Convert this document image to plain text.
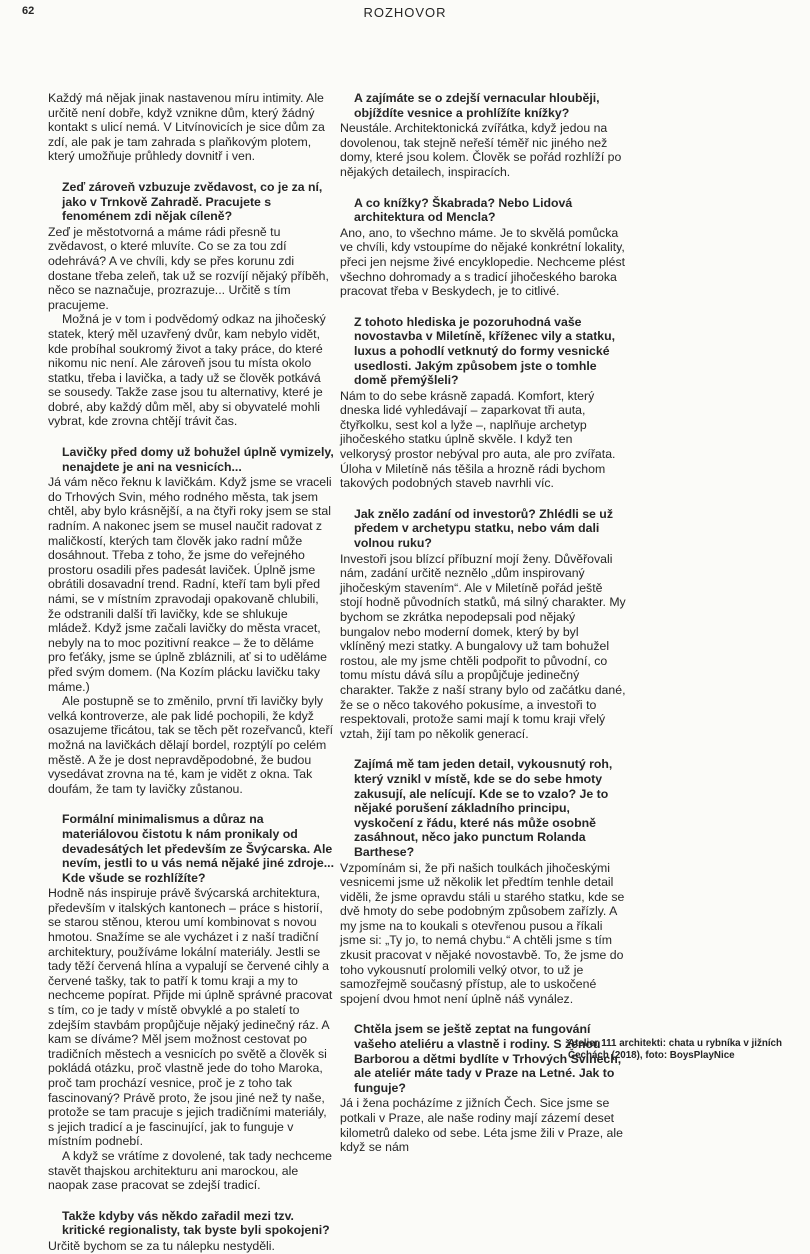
62	ROZHOVOR

Každý má nějak jinak nastavenou míru intimity. Ale určitě není dobře, když vznikne dům, který žádný kontakt s ulicí nemá. V Litvínovicích je sice dům za zdí, ale pak je tam zahrada s plaňkovým plotem, který umožňuje průhledy dovnitř i ven.

Zeď zároveň vzbuzuje zvědavost, co je za ní, jako v Trnkově Zahradě. Pracujete s fenoménem zdi nějak cíleně?

Zeď je městotvorná a máme rádi přesně tu zvědavost, o které mluvíte. Co se za tou zdí odehrává? A ve chvíli, kdy se přes korunu zdi dostane třeba zeleň, tak už se rozvíjí nějaký příběh, něco se naznačuje, prozrazuje... Určitě s tím pracujeme.

Možná je v tom i podvědomý odkaz na jihočeský statek, který měl uzavřený dvůr, kam nebylo vidět, kde probíhal soukromý život a taky práce, do které nikomu nic není. Ale zároveň jsou tu místa okolo statku, třeba i lavička, a tady už se člověk potkává se sousedy. Takže zase jsou tu alternativy, které je dobré, aby každý dům měl, aby si obyvatelé mohli vybrat, kde zrovna chtějí trávit čas.

Lavičky před domy už bohužel úplně vymizely, nenajdete je ani na vesnicích...

Já vám něco řeknu k lavičkám. Když jsme se vraceli do Trhových Svin, mého rodného města, tak jsem chtěl, aby bylo krásnější, a na čtyři roky jsem se stal radním. A nakonec jsem se musel naučit radovat z maličkostí, kterých tam člověk jako radní může dosáhnout. Třeba z toho, že jsme do veřejného prostoru osadili přes padesát laviček. Úplně jsme obrátili dosavadní trend. Radní, kteří tam byli před námi, se v místním zpravodaji opakovaně chlubili, že odstranili další tři lavičky, kde se shlukuje mládež. Když jsme začali lavičky do města vracet, nebyly na to moc pozitivní reakce – že to děláme pro feťáky, jsme se úplně zbláznili, ať si to uděláme před svým domem. (Na Kozím plácku lavičku taky máme.)

Ale postupně se to změnilo, první tři lavičky byly velká kontroverze, ale pak lidé pochopili, že když osazujeme třicátou, tak se těch pět rozeřvanců, kteří možná na lavičkách dělají bordel, rozptýlí po celém městě. A že je dost nepravděpodobné, že budou vysedávat zrovna na té, kam je vidět z okna. Tak doufám, že tam ty lavičky zůstanou.

Formální minimalismus a důraz na materiálovou čistotu k nám pronikaly od devadesátých let především ze Švýcarska. Ale nevím, jestli to u vás nemá nějaké jiné zdroje... Kde všude se rozhlížíte?

Hodně nás inspiruje právě švýcarská architektura, především v italských kantonech – práce s historií, se starou stěnou, kterou umí kombinovat s novou hmotou. Snažíme se ale vycházet i z naší tradiční architektury, používáme lokální materiály. Jestli se tady těží červená hlína a vypalují se červené cihly a červené tašky, tak to patří k tomu kraji a my to nechceme popírat. Přijde mi úplně správné pracovat s tím, co je tady v místě obvyklé a po staletí to zdejším stavbám propůjčuje nějaký jedinečný ráz. A kam se díváme? Měl jsem možnost cestovat po tradičních městech a vesnicích po světě a člověk si pokládá otázku, proč vlastně jede do toho Maroka, proč tam prochází vesnice, proč je z toho tak fascinovaný? Právě proto, že jsou jiné než ty naše, protože se tam pracuje s jejich tradičními materiály, s jejich tradicí a je fascinující, jak to funguje v místním podnebí.

A když se vrátíme z dovolené, tak tady nechceme stavět thajskou architekturu ani marockou, ale naopak zase pracovat se zdejší tradicí.

Takže kdyby vás někdo zařadil mezi tzv. kritické regionalisty, tak byste byli spokojeni?

Určitě bychom se za tu nálepku nestyděli.

A zajímáte se o zdejší vernacular hlouběji, objíždíte vesnice a prohlížíte knížky?

Neustále. Architektonická zvířátka, když jedou na dovolenou, tak stejně neřeší téměř nic jiného než domy, které jsou kolem. Člověk se pořád rozhlíží po nějakých detailech, inspiracích.

A co knížky? Škabrada? Nebo Lidová architektura od Mencla?

Ano, ano, to všechno máme. Je to skvělá pomůcka ve chvíli, kdy vstoupíme do nějaké konkrétní lokality, přeci jen nejsme živé encyklopedie. Nechceme plést všechno dohromady a s tradicí jihočeského baroka pracovat třeba v Beskydech, je to citlivé.

Z tohoto hlediska je pozoruhodná vaše novostavba v Miletíně, kříženec vily a statku, luxus a pohodlí vetknutý do formy vesnické usedlosti. Jakým způsobem jste o tomhle domě přemýšleli?

Nám to do sebe krásně zapadá. Komfort, který dneska lidé vyhledávají – zaparkovat tři auta, čtyřkolku, sest kol a lyže –, naplňuje archetyp jihočeského statku úplně skvěle. I když ten velkorysý prostor nebýval pro auta, ale pro zvířata. Úloha v Miletíně nás těšila a hrozně rádi bychom takových podobných staveb navrhli víc.

Jak znělo zadání od investorů? Zhlédli se už předem v archetypu statku, nebo vám dali volnou ruku?

Investoři jsou blízcí příbuzní mojí ženy. Důvěřovali nám, zadání určitě neznělo „dům inspirovaný jihočeským stavením“. Ale v Miletíně pořád ještě stojí hodně původních statků, má silný charakter. My bychom se zkrátka nepodepsali pod nějaký bungalov nebo moderní domek, který by byl vklíněný mezi statky. A bungalovy už tam bohužel rostou, ale my jsme chtěli podpořit to původní, co tomu místu dává sílu a propůjčuje jedinečný charakter. Takže z naší strany bylo od začátku dané, že se o něco takového pokusíme, a investoři to respektovali, protože sami mají k tomu kraji vřelý vztah, žijí tam po několik generací.

Zajímá mě tam jeden detail, vykousnutý roh, který vznikl v místě, kde se do sebe hmoty zakusují, ale nelícují. Kde se to vzalo? Je to nějaké porušení základního principu, vyskočení z řádu, které nás může osobně zasáhnout, něco jako punctum Rolanda Barthese?

Vzpomínám si, že při našich toulkách jihočeskými vesnicemi jsme už několik let předtím tenhle detail viděli, že jsme opravdu stáli u starého statku, kde se dvě hmoty do sebe podobným způsobem zařízly. A my jsme na to koukali s otevřenou pusou a říkali jsme si: „Ty jo, to nemá chybu.“ A chtěli jsme s tím zkusit pracovat v nějaké novostavbě. To, že jsme do toho vykousnutí prolomili velký otvor, to už je samozřejmě současný přístup, ale to uskočené spojení dvou hmot není úplně náš vynález.

Chtěla jsem se ještě zeptat na fungování vašeho ateliéru a vlastně i rodiny. S ženou Barborou a dětmi bydlíte v Trhových Svinech, ale ateliér máte tady v Praze na Letné. Jak to funguje?

Já i žena pocházíme z jižních Čech. Sice jsme se potkali v Praze, ale naše rodiny mají zázemí deset kilometrů daleko od sebe. Léta jsme žili v Praze, ale když se nám

Atelier 111 architekti: chata u rybníka v jižních Čechách (2018), foto: BoysPlayNice
